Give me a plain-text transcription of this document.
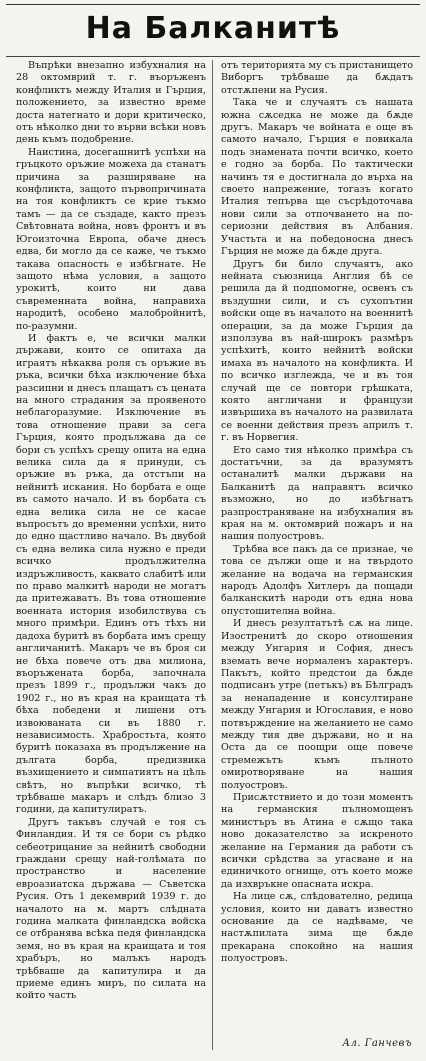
На Балканитѣ

Въпрѣки внезапно избухналия на 28 октомврий т. г. въоръженъ конфликтъ между Италия и Гърция, положението, за известно време доста натегнато и дори критическо, отъ нѣколко дни то върви всѣки новъ день къмъ подобрение.

Наистина, досегашнитѣ успѣхи на гръцкото оръжие можеха да станатъ причина за разширяване на конфликта, защото първопричината на тоя конфликтъ се крие тъкмо тамъ — да се създаде, както презъ Свѣтовната война, новъ фронтъ и въ Югоизточна Европа, обаче днесъ едва, би могло да се каже, че тъкмо такава опасность е избѣгнате. Не защото нѣма условия, а защото урокитѣ, които ни дава съвременната война, направиха народитѣ, особено малобройнитѣ, по-разумни.

И фактъ е, че всички малки държави, които се опитаха да играятъ нѣкаква роля съ оръжие въ ръка, всички бѣха изключение бѣха разсипни и днесъ плащатъ съ цената на много страдания за проявеното неблагоразумие. Изключение въ това отношение прави за сега Гърция, която продължава да се бори съ успѣхъ срещу опита на една велика сила да я принуди, съ оръжие въ ръка, да отстъпи на нейнитѣ искания. Но борбата е още въ самото начало. И въ борбата съ една велика сила не се касае въпросътъ до временни успѣхи, нито до едно щастливо начало. Въ двубой съ една велика сила нужно е преди всичко продължителна издръжливость, каквато слабитѣ или по право малкитѣ народи не могатъ да притежаватъ. Въ това отношение военната история изобилствува съ много примѣри. Единъ отъ тѣхъ ни дадоха буритѣ въ борбата имъ срещу англичанитѣ. Макаръ че въ броя си не бѣха повече отъ два милиона, въоръжената борба, започнала презъ 1899 г., продължи чакъ до 1902 г., но въ края на краищата тѣ бѣха победени и лишени отъ извоюваната си въ 1880 г. независимость. Храбростьта, която буритѣ показаха въ продължение на дългата борба, предизвика възхищението и симпатиятъ на цѣль свѣтъ, но въпрѣки всичко, тѣ трѣбваше макаръ и слѣдъ близо 3 години, да капитулиратъ.

Другъ такъвъ случай е тоя съ Финландия. И тя се бори съ рѣдко себеотрицание за нейнитѣ свободни граждани срещу най-голѣмата по пространство и население евроазиатска държава — Съветска Русия. Отъ 1 декемврий 1939 г. до началото на м. мартъ слѣдната година малката финландска войска се отбранява всѣка педя финландска земя, но въ края на краищата и тоя храбъръ, но малъкъ народъ трѣбваше да капитулира и да приеме единъ миръ, по силата на който часть

отъ територията му съ пристанището Виборгъ трѣбваше да бѫдатъ отстѫпени на Русия.

Така че и случаятъ съ нашата южна сѫседка не може да бѫде другъ. Макаръ че войната е още въ самото начало, Гърция е повикала подъ знамената почти всичко, което е годно за борба. По тактически начинъ тя е достигнала до върха на своето напрежение, тогазъ когато Италия тепърва ще съсрѣдоточава нови сили за отпочването на по-сериозни действия въ Албания. Участьта и на победоносна днесъ Гърция не може да бѫде друга.

Другъ би било случаятъ, ако нейната съюзница Англия бѣ се решила да й подпомогне, освенъ съ въздушни сили, и съ сухопътни войски още въ началото на военнитѣ операции, за да може Гърция да използува въ най-широкъ размѣръ успѣхитѣ, които нейнитѣ войски имаха въ началото на конфликта. И по всичко изглежда, че и въ тоя случай ще се повтори грѣшката, която англичани и французи извършиха въ началото на развилата се военни действия презъ априлъ т. г. въ Норвегия.

Ето само тия нѣколко примѣра съ достатъчни, за да вразумятъ останалитѣ малки държави на Балканитѣ да направятъ всичко възможно, но до избѣгнатъ разпространяване на избухналия въ края на м. октомврий пожаръ и на нашия полуостровъ.

Трѣбва все пакъ да се признае, че това се дължи още и на твърдото желание на водача на германския народъ Адолфъ Хитлеръ да пощади балканскитѣ народи отъ една нова опустошителна война.

И днесъ резултатътѣ сѫ на лице. Изостренитѣ до скоро отношения между Унгария и София, днесъ вземать вече нормаленъ характеръ. Пакътъ, който предстои да бѫде подписанъ утре (петъкъ) въ Бѣлградъ за ненападение и консултиране между Унгария и Югославия, е ново потвърждение на желанието не само между тия две държави, но и на Оста да се поощри още повече стремежътъ къмъ пълното омиротворяване на нашия полуостровъ.

Присѫтствието и до този моментъ на германския пълномощенъ министъръ въ Атина е сѫщо така ново доказателство за искреното желание на Германия да работи съ всички срѣдства за угасване и на единичкото огнище, отъ което може да изхвръкне опасната искра.

На лице сѫ, слѣдователно, редица условия, които ни даватъ известно основание да се надѣваме, че настѫпилата зима ще бѫде прекарана спокойно на нашия полуостровъ.

Ал. Ганчевъ
